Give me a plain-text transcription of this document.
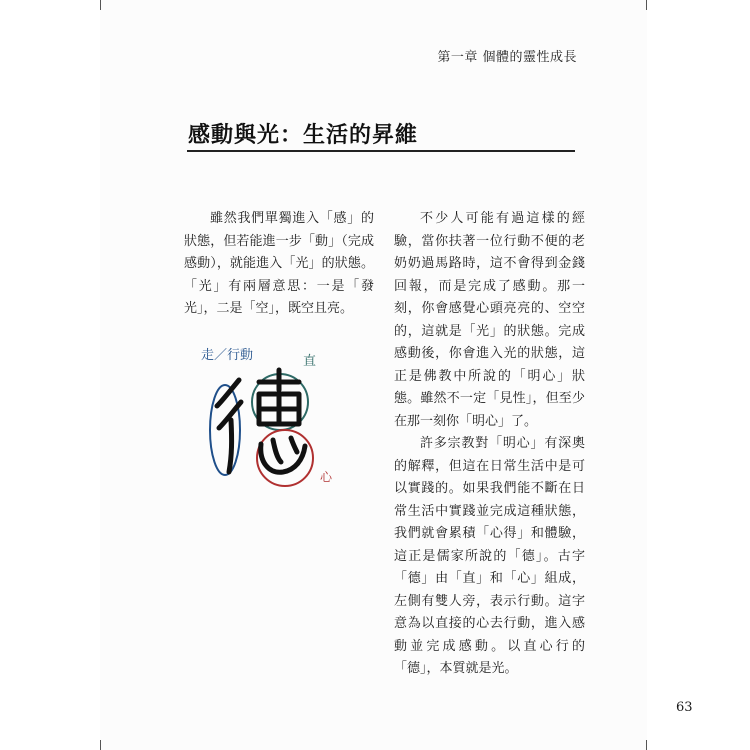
第一章 個體的靈性成長
感動與光：生活的昇維

雖然我們單獨進入「感」的狀態，但若能進一步「動」（完成感動），就能進入「光」的狀態。「光」有兩層意思：一是「發光」，二是「空」，既空且亮。

走／行動	直
心

不少人可能有過這樣的經驗，當你扶著一位行動不便的老奶奶過馬路時，這不會得到金錢回報，而是完成了感動。那一刻，你會感覺心頭亮亮的、空空的，這就是「光」的狀態。完成感動後，你會進入光的狀態，這正是佛教中所說的「明心」狀態。雖然不一定「見性」，但至少在那一刻你「明心」了。

許多宗教對「明心」有深奧的解釋，但這在日常生活中是可以實踐的。如果我們能不斷在日常生活中實踐並完成這種狀態，我們就會累積「心得」和體驗，這正是儒家所說的「德」。古字「德」由「直」和「心」組成，左側有雙人旁，表示行動。這字意為以直接的心去行動，進入感動並完成感動。以直心行的「德」，本質就是光。

63
